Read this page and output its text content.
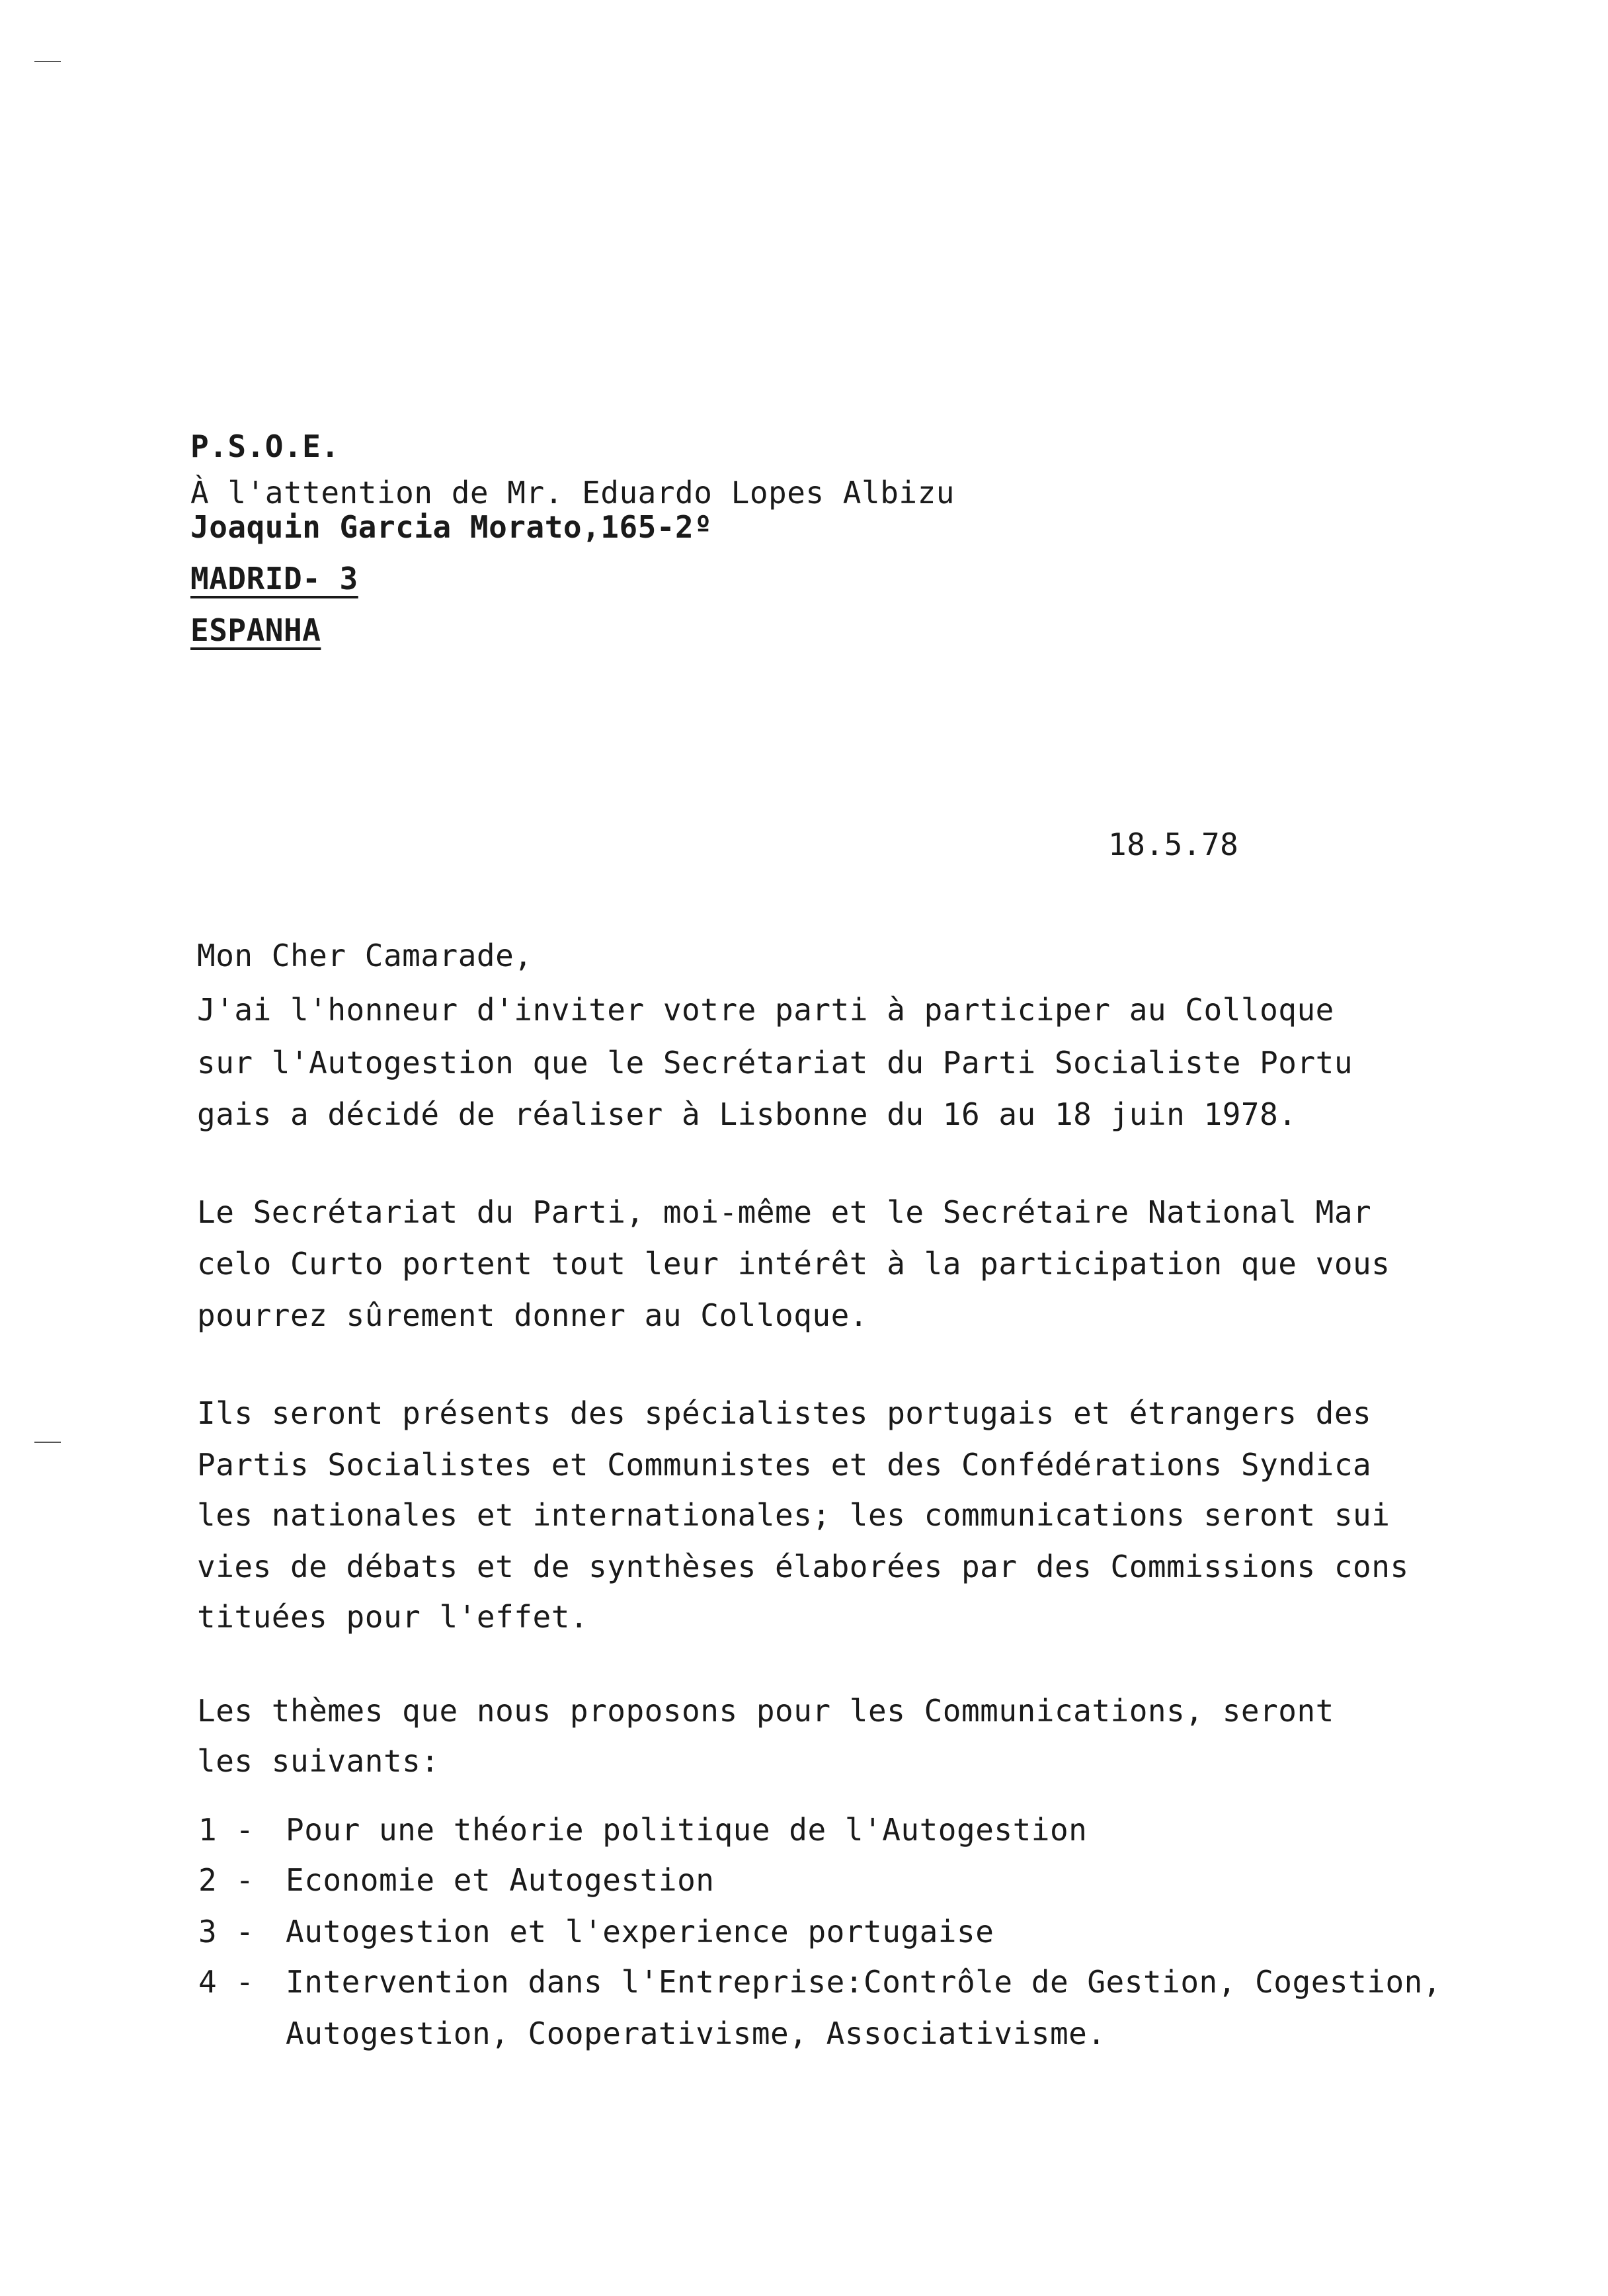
P.S.O.E.
À l'attention de Mr. Eduardo Lopes Albizu
Joaquin Garcia Morato,165-2º
MADRID- 3
ESPANHA
18.5.78
Mon Cher Camarade,
J'ai l'honneur d'inviter votre parti à participer au Colloque
sur l'Autogestion que le Secrétariat du Parti Socialiste Portu
gais a décidé de réaliser à Lisbonne du 16 au 18 juin 1978.
Le Secrétariat du Parti, moi-même et le Secrétaire National Mar
celo Curto portent tout leur intérêt à la participation que vous
pourrez sûrement donner au Colloque.
Ils seront présents des spécialistes portugais et étrangers des
Partis Socialistes et Communistes et des Confédérations Syndica
les nationales et internationales; les communications seront sui
vies de débats et de synthèses élaborées par des Commissions cons
tituées pour l'effet.
Les thèmes que nous proposons pour les Communications, seront
les suivants:
1 - Pour une théorie politique de l'Autogestion
2 - Economie et Autogestion
3 - Autogestion et l'experience portugaise
4 - Intervention dans l'Entreprise:Contrôle de Gestion, Cogestion,
Autogestion, Cooperativisme, Associativisme.
